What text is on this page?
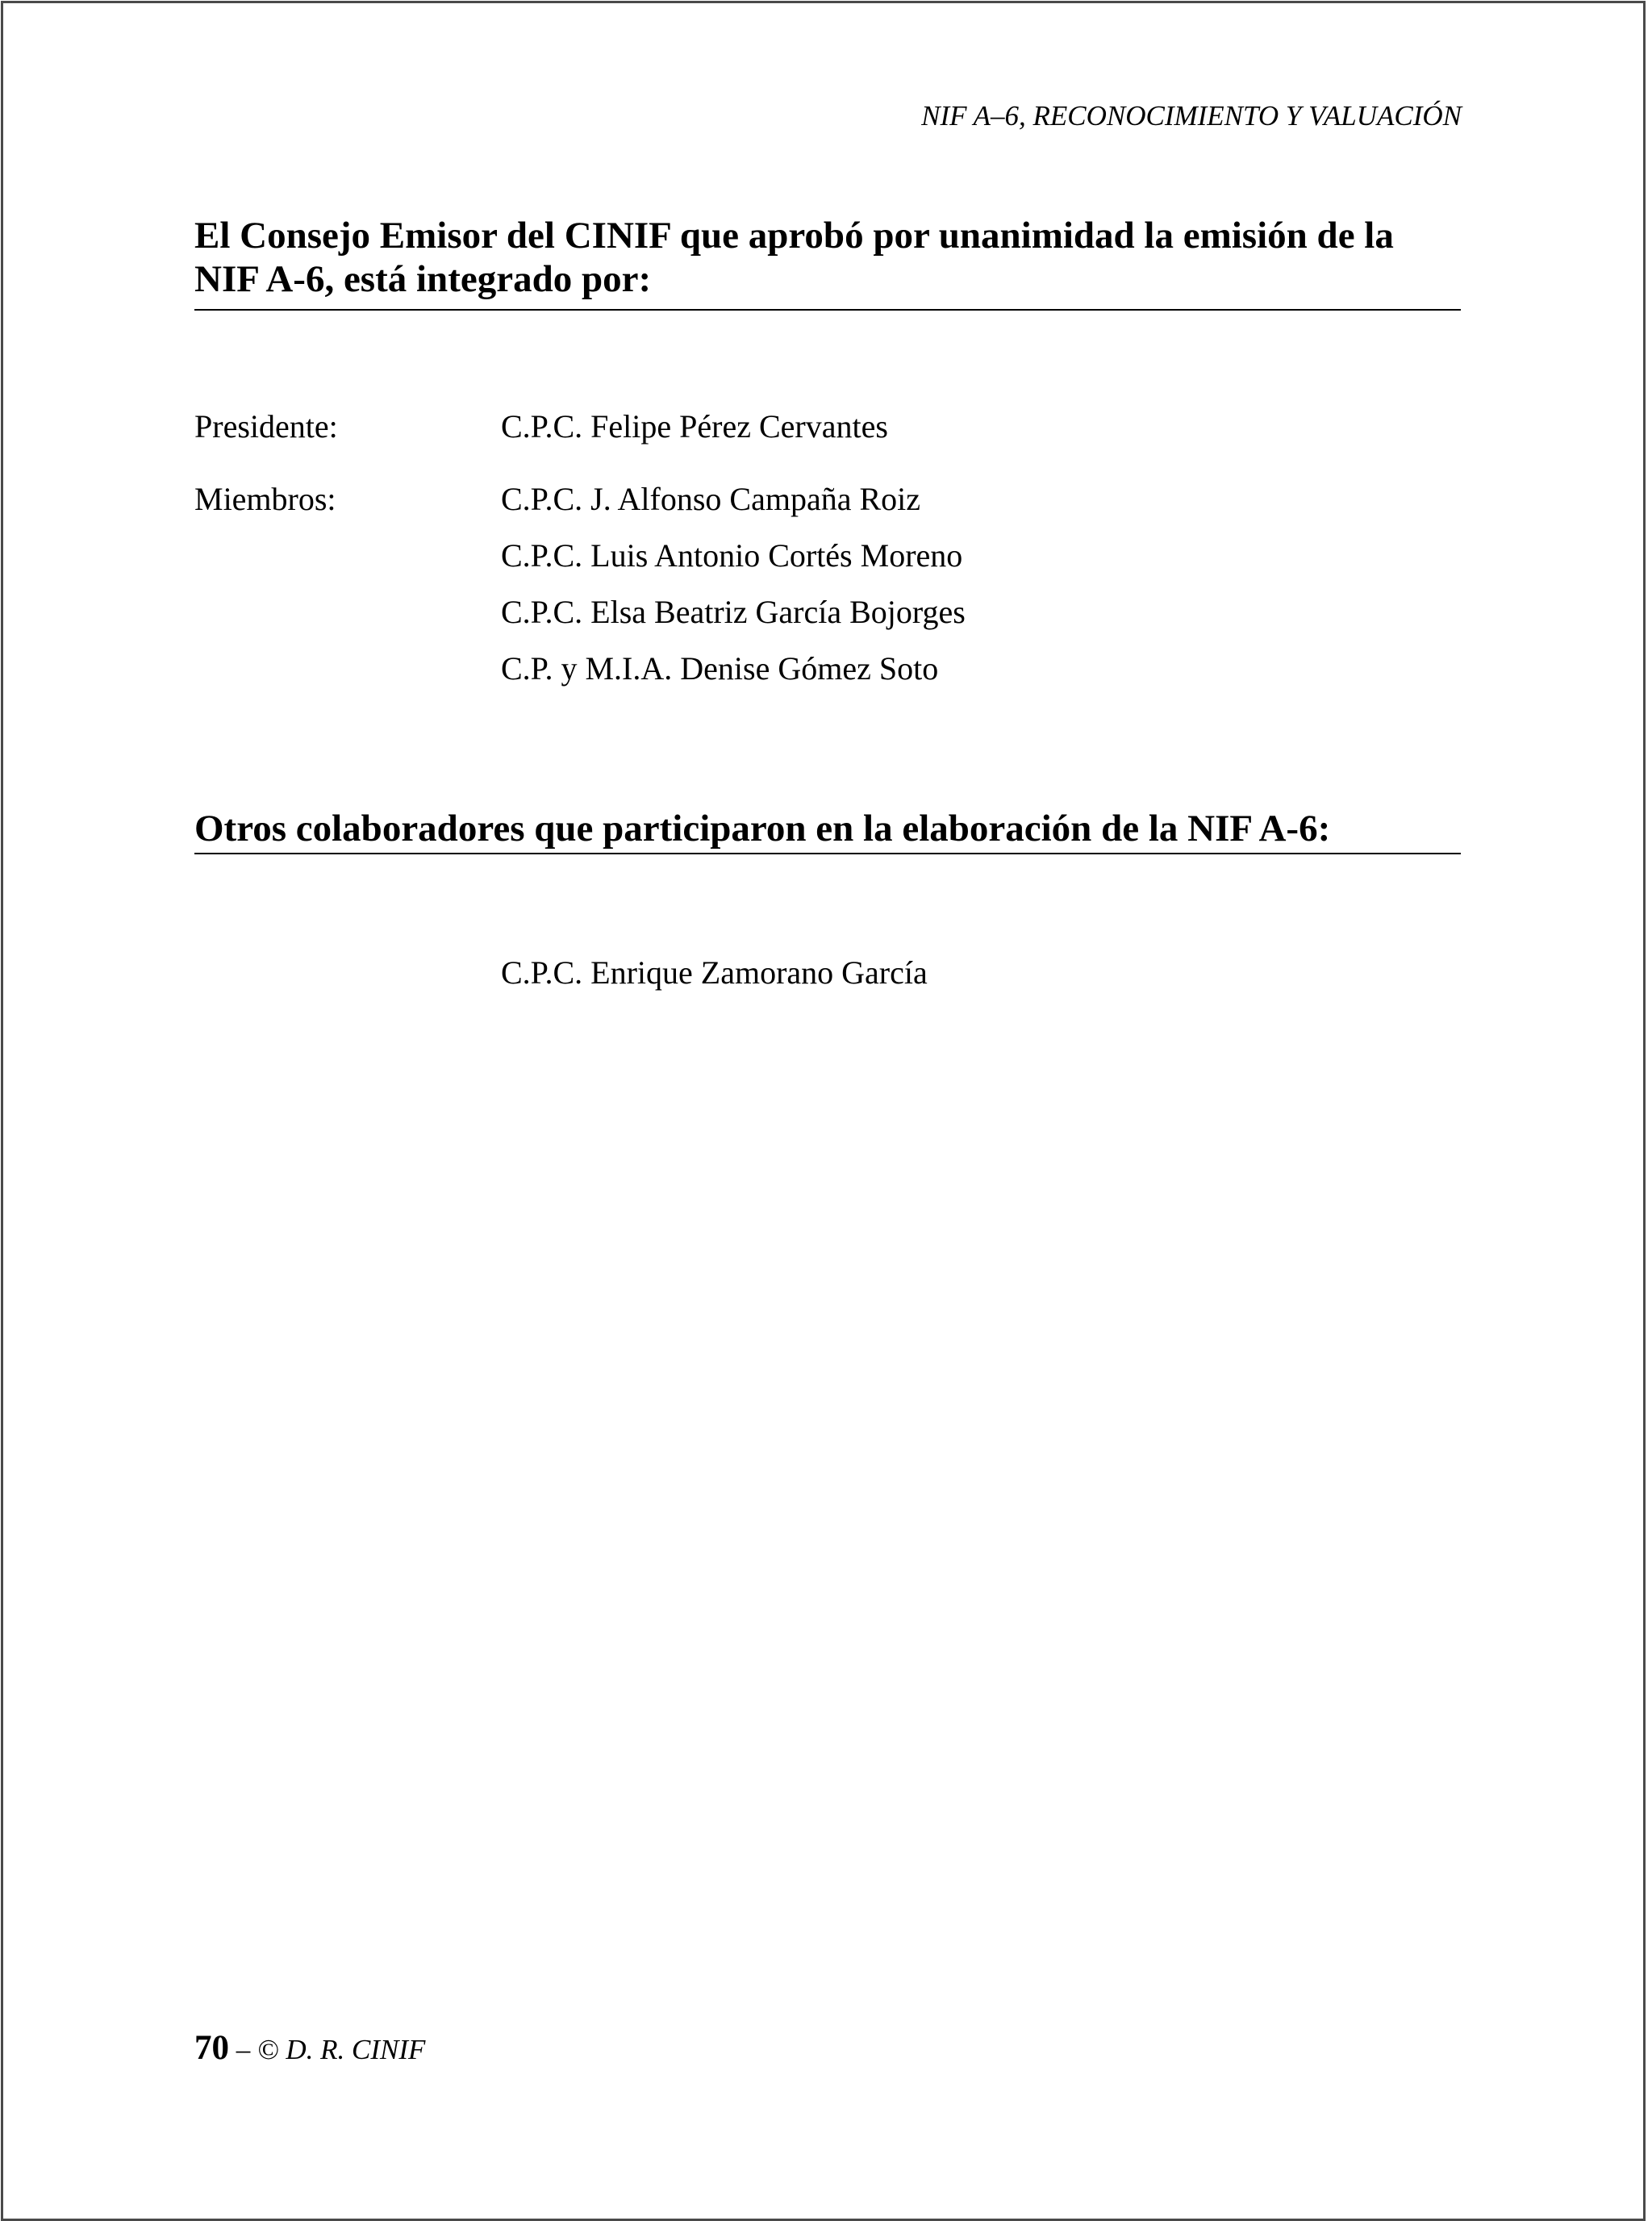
NIF A–6, RECONOCIMIENTO Y VALUACIÓN
El Consejo Emisor del CINIF que aprobó por unanimidad la emisión de la NIF A-6, está integrado por:
Presidente:	C.P.C. Felipe Pérez Cervantes
Miembros:	C.P.C. J. Alfonso Campaña Roiz
C.P.C. Luis Antonio Cortés Moreno
C.P.C. Elsa Beatriz García Bojorges
C.P. y M.I.A. Denise Gómez Soto
Otros colaboradores que participaron en la elaboración de la NIF A-6:
C.P.C. Enrique Zamorano García
70 – © D. R. CINIF
